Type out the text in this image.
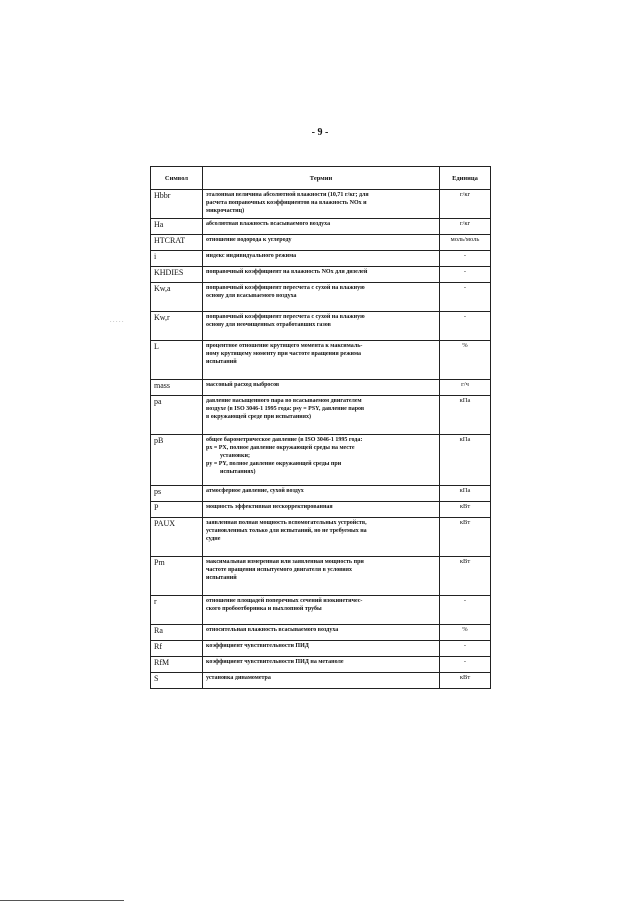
- 9 -
. . . . .
Символ	Термин	Единица
Hbbr	эталонная величина абсолютной влажности (10,71 г/кг; для
расчета поправочных коэффициентов на влажность NOx и
микрочастиц)	г/кг
Ha	абсолютная влажность всасываемого воздуха	г/кг
HTCRAT	отношение водорода к углероду	моль/моль
i	индекс индивидуального режима	-
KHDIES	поправочный коэффициент на влажность NOx для дизелей	-
Kw,a	поправочный коэффициент пересчета с сухой на влажную
основу для всасываемого воздуха	-
Kw,r	поправочный коэффициент пересчета с сухой на влажную
основу для неочищенных отработавших газов	-
L	процентное отношение крутящего момента к максималь-
ному крутящему моменту при частоте вращения режима
испытаний	%
mass	массовый расход выбросов	г/ч
pa	давление насыщенного пара во всасываемом двигателем
воздухе (в ISO 3046-1 1995 года: psy = PSY, давление паров
в окружающей среде при испытаниях)	кПа
pB	общее барометрическое давление (в ISO 3046-1 1995 года:
px = PX, полное давление окружающей среды на месте
установки;
py = PY, полное давление окружающей среды при
испытаниях)	кПа
ps	атмосферное давление, сухой воздух	кПа
P	мощность эффективная нескорректированная	кВт
PAUX	заявленная полная мощность вспомогательных устройств,
установленных только для испытаний, но не требуемых на
судне	кВт
Pm	максимальная измеренная или заявленная мощность при
частоте вращения испытуемого двигателя в условиях
испытаний	кВт
r	отношение площадей поперечных сечений изокинетичес-
ского пробоотборника и выхлопной трубы	-
Ra	относительная влажность всасываемого воздуха	%
Rf	коэффициент чувствительности ПИД	-
RfM	коэффициент чувствительности ПИД на метаноле	-
S	установка динамометра	кВт
